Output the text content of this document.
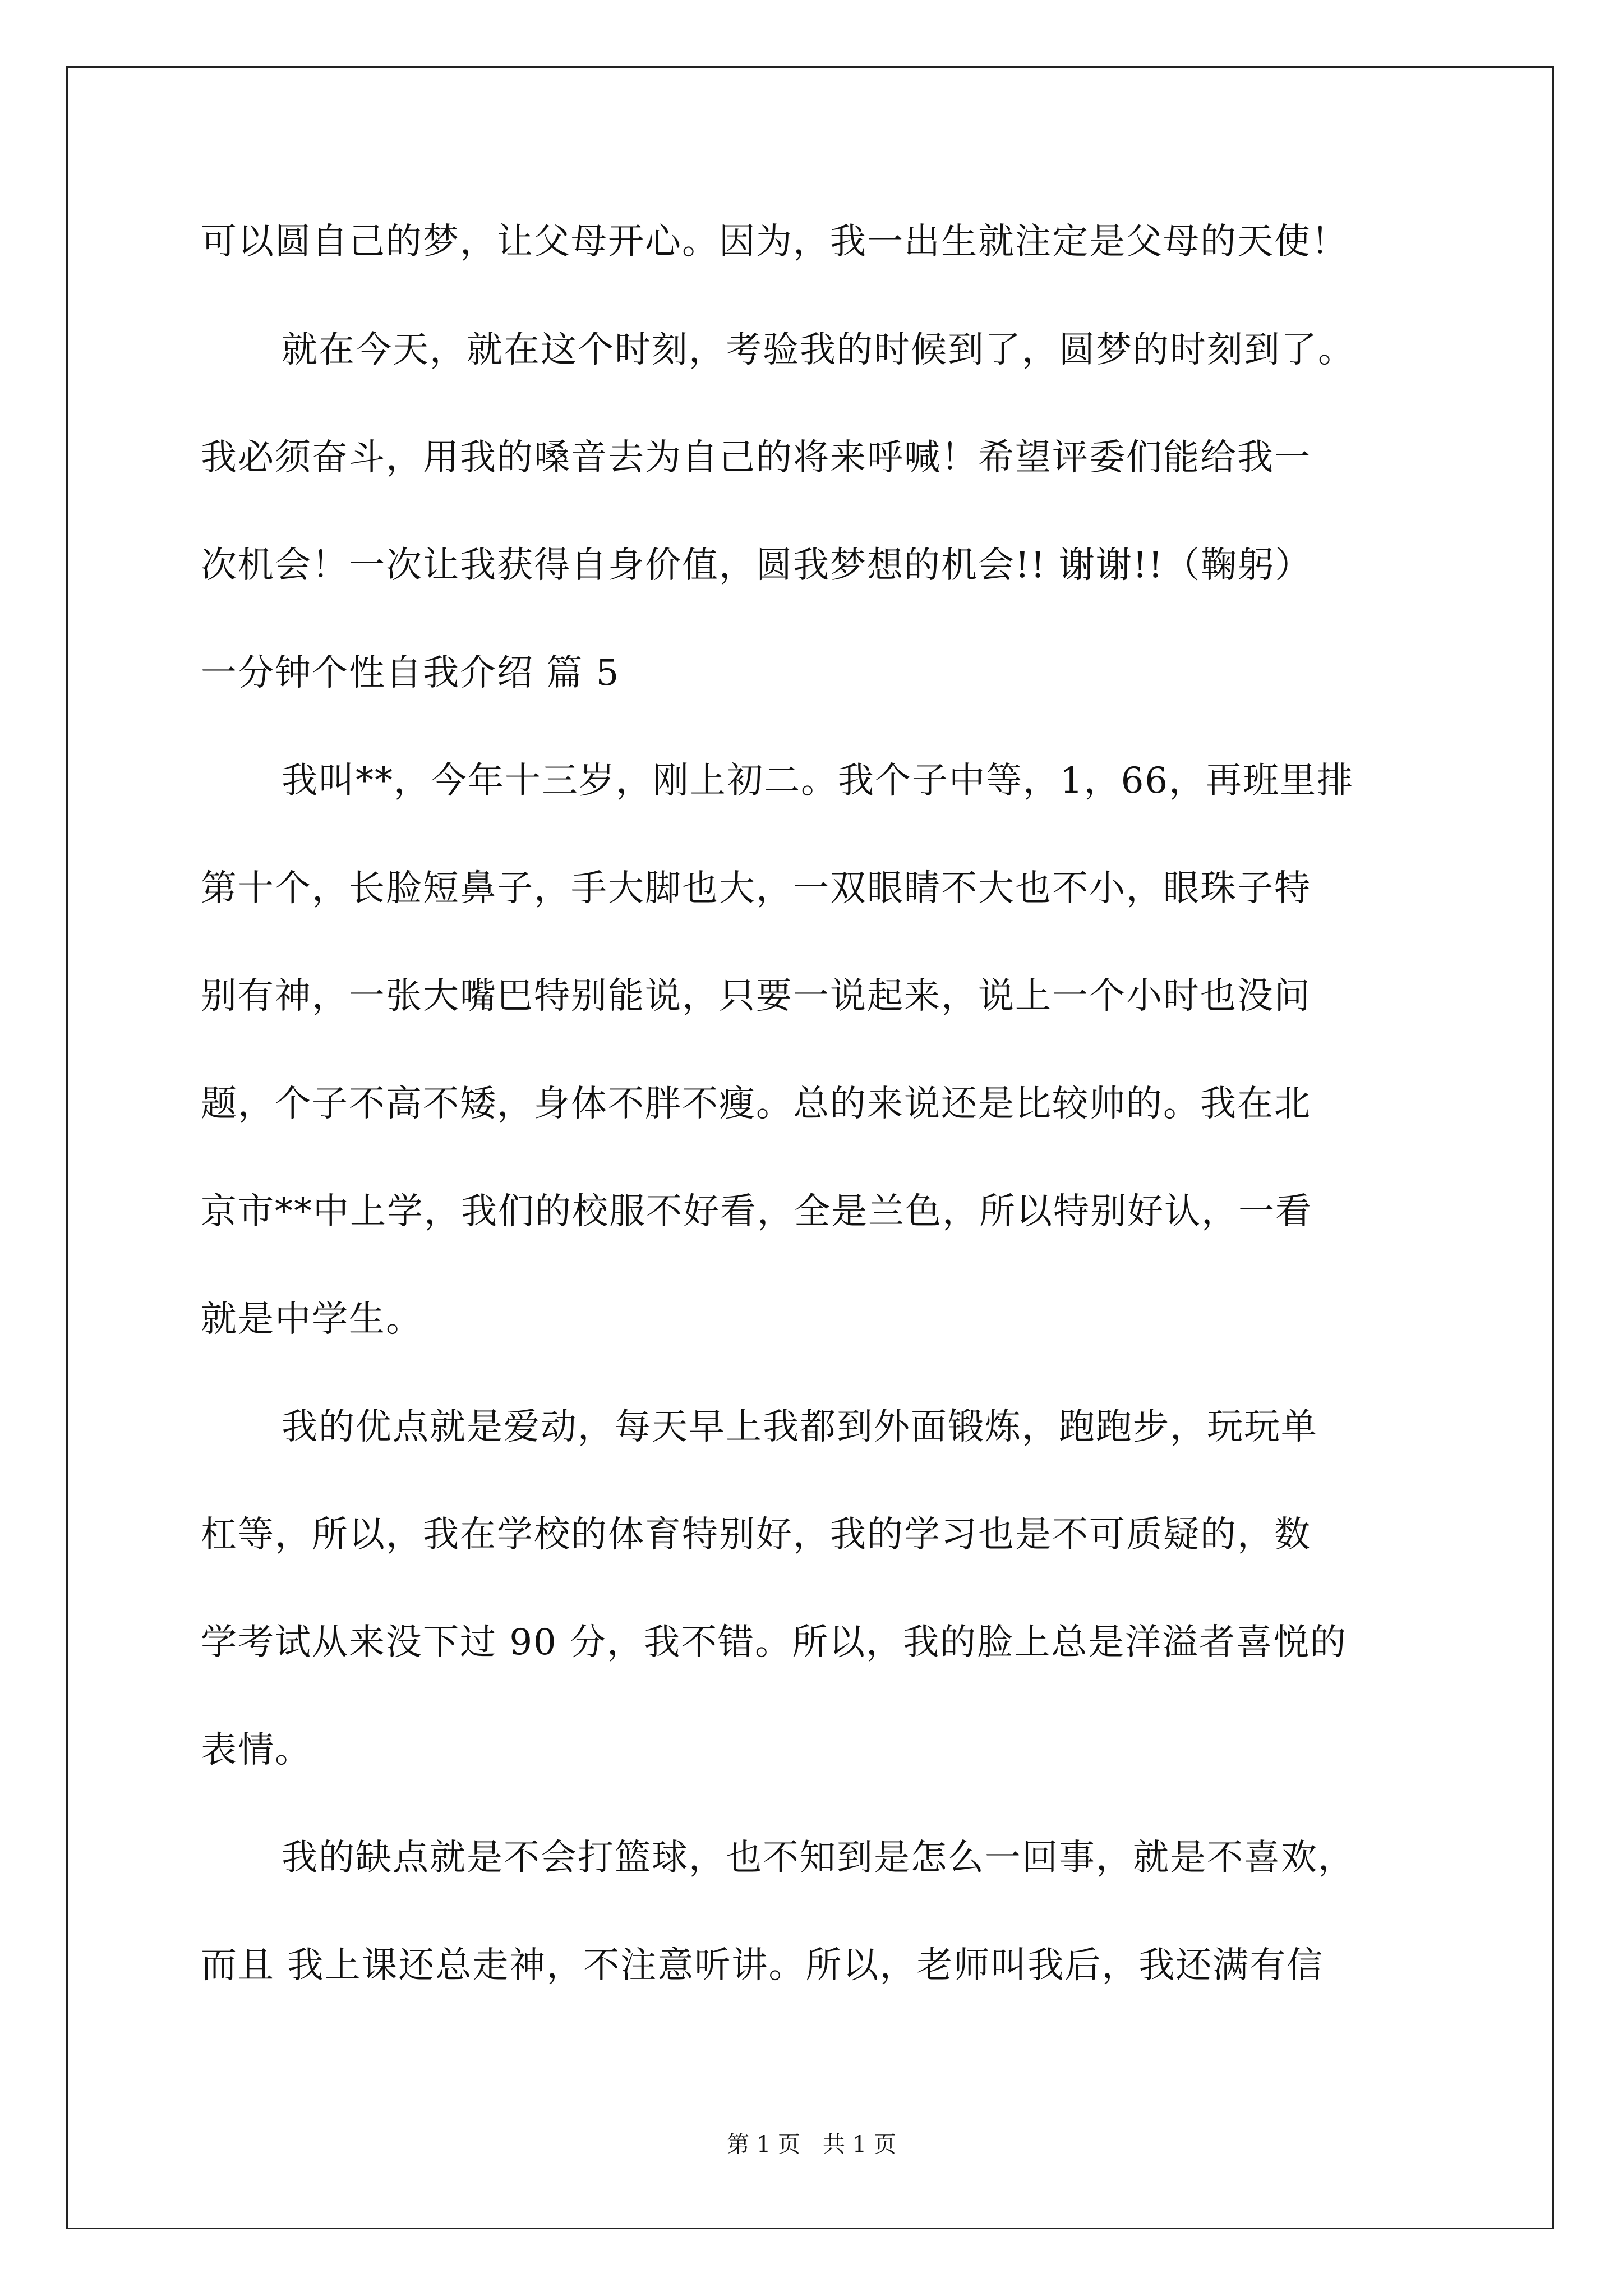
可以圆自己的梦，让父母开心。因为，我一出生就注定是父母的天使！
就在今天，就在这个时刻，考验我的时候到了，圆梦的时刻到了。
我必须奋斗，用我的嗓音去为自己的将来呼喊！希望评委们能给我一
次机会！一次让我获得自身价值，圆我梦想的机会!! 谢谢!!（鞠躬）
一分钟个性自我介绍 篇 5
我叫**，今年十三岁，刚上初二。我个子中等，1，66，再班里排
第十个，长脸短鼻子，手大脚也大，一双眼睛不大也不小，眼珠子特
别有神，一张大嘴巴特别能说，只要一说起来，说上一个小时也没问
题，个子不高不矮，身体不胖不瘦。总的来说还是比较帅的。我在北
京市**中上学，我们的校服不好看，全是兰色，所以特别好认，一看
就是中学生。
我的优点就是爱动，每天早上我都到外面锻炼，跑跑步，玩玩单
杠等，所以，我在学校的体育特别好，我的学习也是不可质疑的，数
学考试从来没下过 90 分，我不错。所以，我的脸上总是洋溢者喜悦的
表情。
我的缺点就是不会打篮球，也不知到是怎么一回事，就是不喜欢，
而且 我上课还总走神，不注意听讲。所以，老师叫我后，我还满有信
第 1 页　共 1 页
